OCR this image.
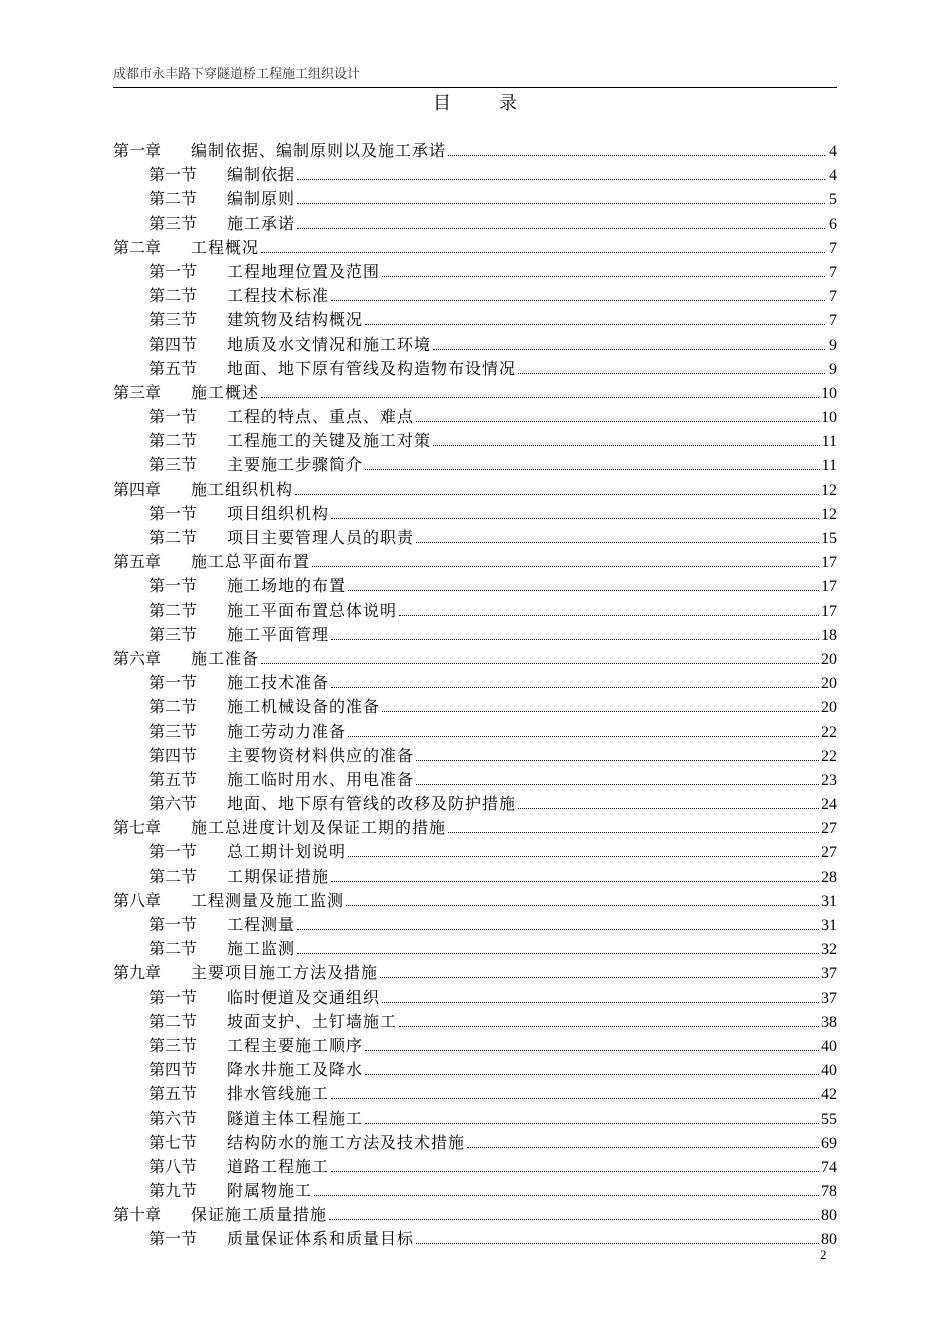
成都市永丰路下穿隧道桥工程施工组织设计
目	录
第一章	编制依据、编制原则以及施工承诺	4
第一节	编制依据	4
第二节	编制原则	5
第三节	施工承诺	6
第二章	工程概况	7
第一节	工程地理位置及范围	7
第二节	工程技术标准	7
第三节	建筑物及结构概况	7
第四节	地质及水文情况和施工环境	9
第五节	地面、地下原有管线及构造物布设情况	9
第三章	施工概述	10
第一节	工程的特点、重点、难点	10
第二节	工程施工的关键及施工对策	11
第三节	主要施工步骤简介	11
第四章	施工组织机构	12
第一节	项目组织机构	12
第二节	项目主要管理人员的职责	15
第五章	施工总平面布置	17
第一节	施工场地的布置	17
第二节	施工平面布置总体说明	17
第三节	施工平面管理	18
第六章	施工准备	20
第一节	施工技术准备	20
第二节	施工机械设备的准备	20
第三节	施工劳动力准备	22
第四节	主要物资材料供应的准备	22
第五节	施工临时用水、用电准备	23
第六节	地面、地下原有管线的改移及防护措施	24
第七章	施工总进度计划及保证工期的措施	27
第一节	总工期计划说明	27
第二节	工期保证措施	28
第八章	工程测量及施工监测	31
第一节	工程测量	31
第二节	施工监测	32
第九章	主要项目施工方法及措施	37
第一节	临时便道及交通组织	37
第二节	坡面支护、土钉墙施工	38
第三节	工程主要施工顺序	40
第四节	降水井施工及降水	40
第五节	排水管线施工	42
第六节	隧道主体工程施工	55
第七节	结构防水的施工方法及技术措施	69
第八节	道路工程施工	74
第九节	附属物施工	78
第十章	保证施工质量措施	80
第一节	质量保证体系和质量目标	80
2
